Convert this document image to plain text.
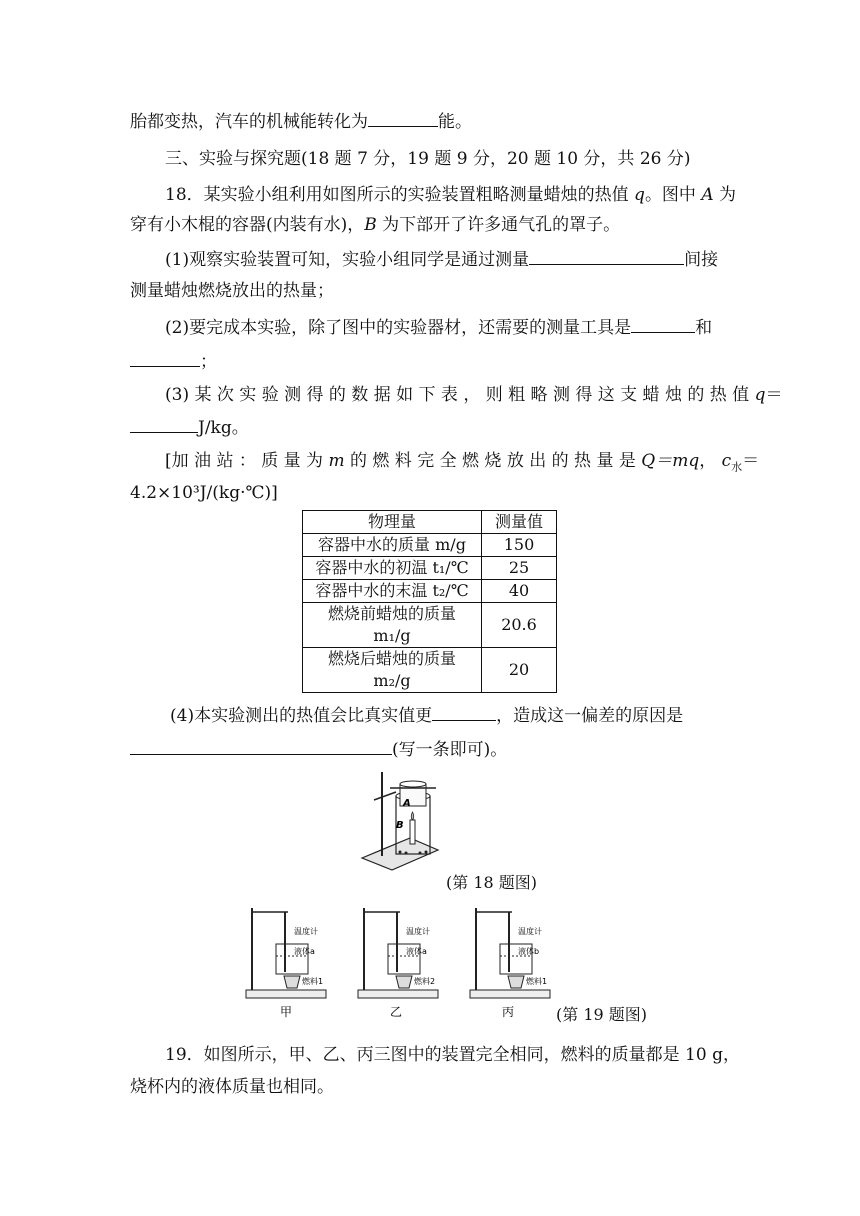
胎都变热，汽车的机械能转化为	能。
三、实验与探究题(18 题 7 分，19 题 9 分，20 题 10 分，共 26 分)
18．某实验小组利用如图所示的实验装置粗略测量蜡烛的热值 q。图中 A 为
穿有小木棍的容器(内装有水)，B 为下部开了许多通气孔的罩子。
(1)观察实验装置可知，实验小组同学是通过测量	间接
测量蜡烛燃烧放出的热量；
(2)要完成本实验，除了图中的实验器材，还需要的测量工具是	和
；
(3) 某 次 实 验 测 得 的 数 据 如 下 表 ， 则 粗 略 测 得 这 支 蜡 烛 的 热 值 q＝
J/kg。
[加 油 站 ： 质 量 为 m 的 燃 料 完 全 燃 烧 放 出 的 热 量 是 Q＝mq， $c_水=$
4.2×10³J/(kg·℃)]
物理量	测量值
容器中水的质量 m/g	150
容器中水的初温 t₁/℃	25
容器中水的末温 t₂/℃	40
燃烧前蜡烛的质量
m₁/g	20.6
燃烧后蜡烛的质量
m₂/g	20
(4)本实验测出的热值会比真实值更	，造成这一偏差的原因是
(写一条即可)。
A
B
(第 18 题图)
温度计
液体a
燃料1
甲
温度计
液体a
燃料2
乙
温度计
液体b
燃料1
丙	(第 19 题图)
19．如图所示，甲、乙、丙三图中的装置完全相同，燃料的质量都是 10 g，
烧杯内的液体质量也相同。
